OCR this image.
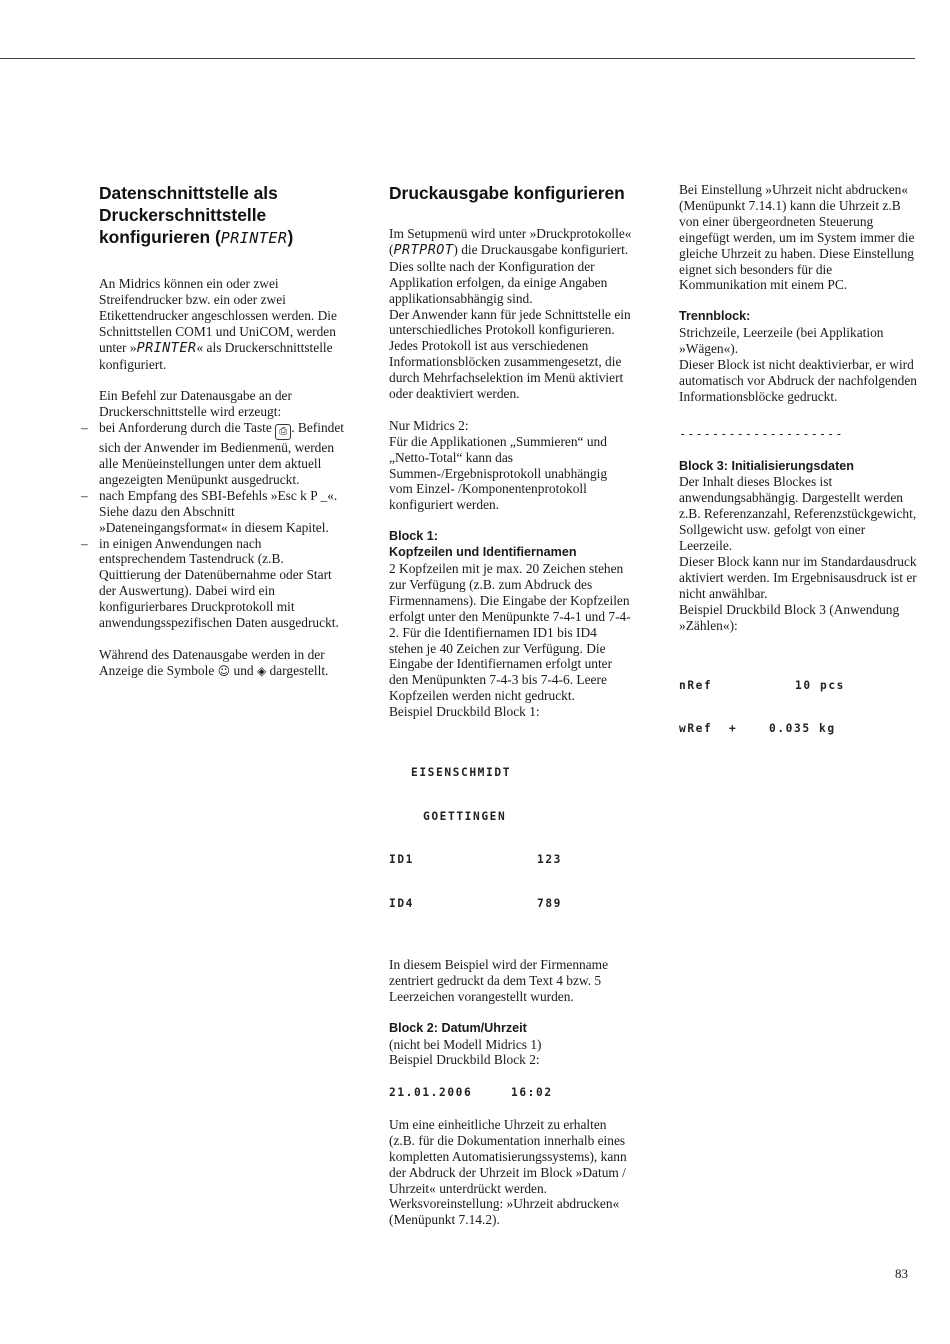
Datenschnittstelle als
Druckerschnittstelle
konfigurieren (PRINTER)

An Midrics können ein oder zwei Streifendrucker bzw. ein oder zwei Etikettendrucker angeschlossen werden. Die Schnittstellen COM1 und UniCOM, werden unter »PRINTER« als Druckerschnittstelle konfiguriert.

Ein Befehl zur Datenausgabe an der Druckerschnittstelle wird erzeugt:

– bei Anforderung durch die Taste ⎙ . Befindet sich der Anwender im Bedienmenü, werden alle Menüeinstellungen unter dem aktuell angezeigten Menüpunkt ausgedruckt.
– nach Empfang des SBI-Befehls »Esc k P _«. Siehe dazu den Abschnitt »Dateneingangsformat« in diesem Kapitel.
– in einigen Anwendungen nach entsprechendem Tastendruck (z.B. Quittierung der Datenübernahme oder Start der Auswertung). Dabei wird ein konfigurierbares Druckprotokoll mit anwendungsspezifischen Daten ausgedruckt.

Während des Datenausgabe werden in der Anzeige die Symbole ☺ und ◈ dargestellt.

Druckausgabe konfigurieren

Im Setupmenü wird unter »Druckprotokolle« (PRTPROT) die Druckausgabe konfiguriert. Dies sollte nach der Konfiguration der Applikation erfolgen, da einige Angaben applikationsabhängig sind.

Der Anwender kann für jede Schnittstelle ein unterschiedliches Protokoll konfigurieren. Jedes Protokoll ist aus verschiedenen Informationsblöcken zusammengesetzt, die durch Mehrfachselektion im Menü aktiviert oder deaktiviert werden.

Nur Midrics 2:

Für die Applikationen „Summieren“ und „Netto-Total“ kann das Summen-/Ergebnisprotokoll unabhängig vom Einzel- /Komponentenprotokoll konfiguriert werden.

Block 1:

Kopfzeilen und Identifiernamen

2 Kopfzeilen mit je max. 20 Zeichen stehen zur Verfügung (z.B. zum Abdruck des Firmennamens). Die Eingabe der Kopfzeilen erfolgt unter den Menüpunkte 7-4-1 und 7-4-2. Für die Identifiernamen ID1 bis ID4 stehen je 40 Zeichen zur Verfügung. Die Eingabe der Identifiernamen erfolgt unter den Menüpunkten 7-4-3 bis 7-4-6. Leere Kopfzeilen werden nicht gedruckt.

Beispiel Druckbild Block 1:

EISENSCHMIDT

GOETTINGEN

ID1	123

ID4	789

In diesem Beispiel wird der Firmenname zentriert gedruckt da dem Text 4 bzw. 5 Leerzeichen vorangestellt wurden.

Block 2: Datum/Uhrzeit

(nicht bei Modell Midrics 1)

Beispiel Druckbild Block 2:

21.01.2006	16:02

Um eine einheitliche Uhrzeit zu erhalten (z.B. für die Dokumentation innerhalb eines kompletten Automatisierungssystems), kann der Abdruck der Uhrzeit im Block »Datum / Uhrzeit« unterdrückt werden.

Werksvoreinstellung: »Uhrzeit abdrucken« (Menüpunkt 7.14.2).

Bei Einstellung »Uhrzeit nicht abdrucken« (Menüpunkt 7.14.1) kann die Uhrzeit z.B von einer übergeordneten Steuerung eingefügt werden, um im System immer die gleiche Uhrzeit zu haben. Diese Einstellung eignet sich besonders für die Kommunikation mit einem PC.

Trennblock:

Strichzeile, Leerzeile (bei Applikation »Wägen«).

Dieser Block ist nicht deaktivierbar, er wird automatisch vor Abdruck der nachfolgenden Informationsblöcke gedruckt.

--------------------

Block 3: Initialisierungsdaten

Der Inhalt dieses Blockes ist anwendungsabhängig. Dargestellt werden z.B. Referenzanzahl, Referenzstückgewicht, Sollgewicht usw. gefolgt von einer Leerzeile.

Dieser Block kann nur im Standardausdruck aktiviert werden. Im Ergebnisausdruck ist er nicht anwählbar.

Beispiel Druckbild Block 3 (Anwendung »Zählen«):

nRef	10 pcs

wRef	+	0.035 kg

83
